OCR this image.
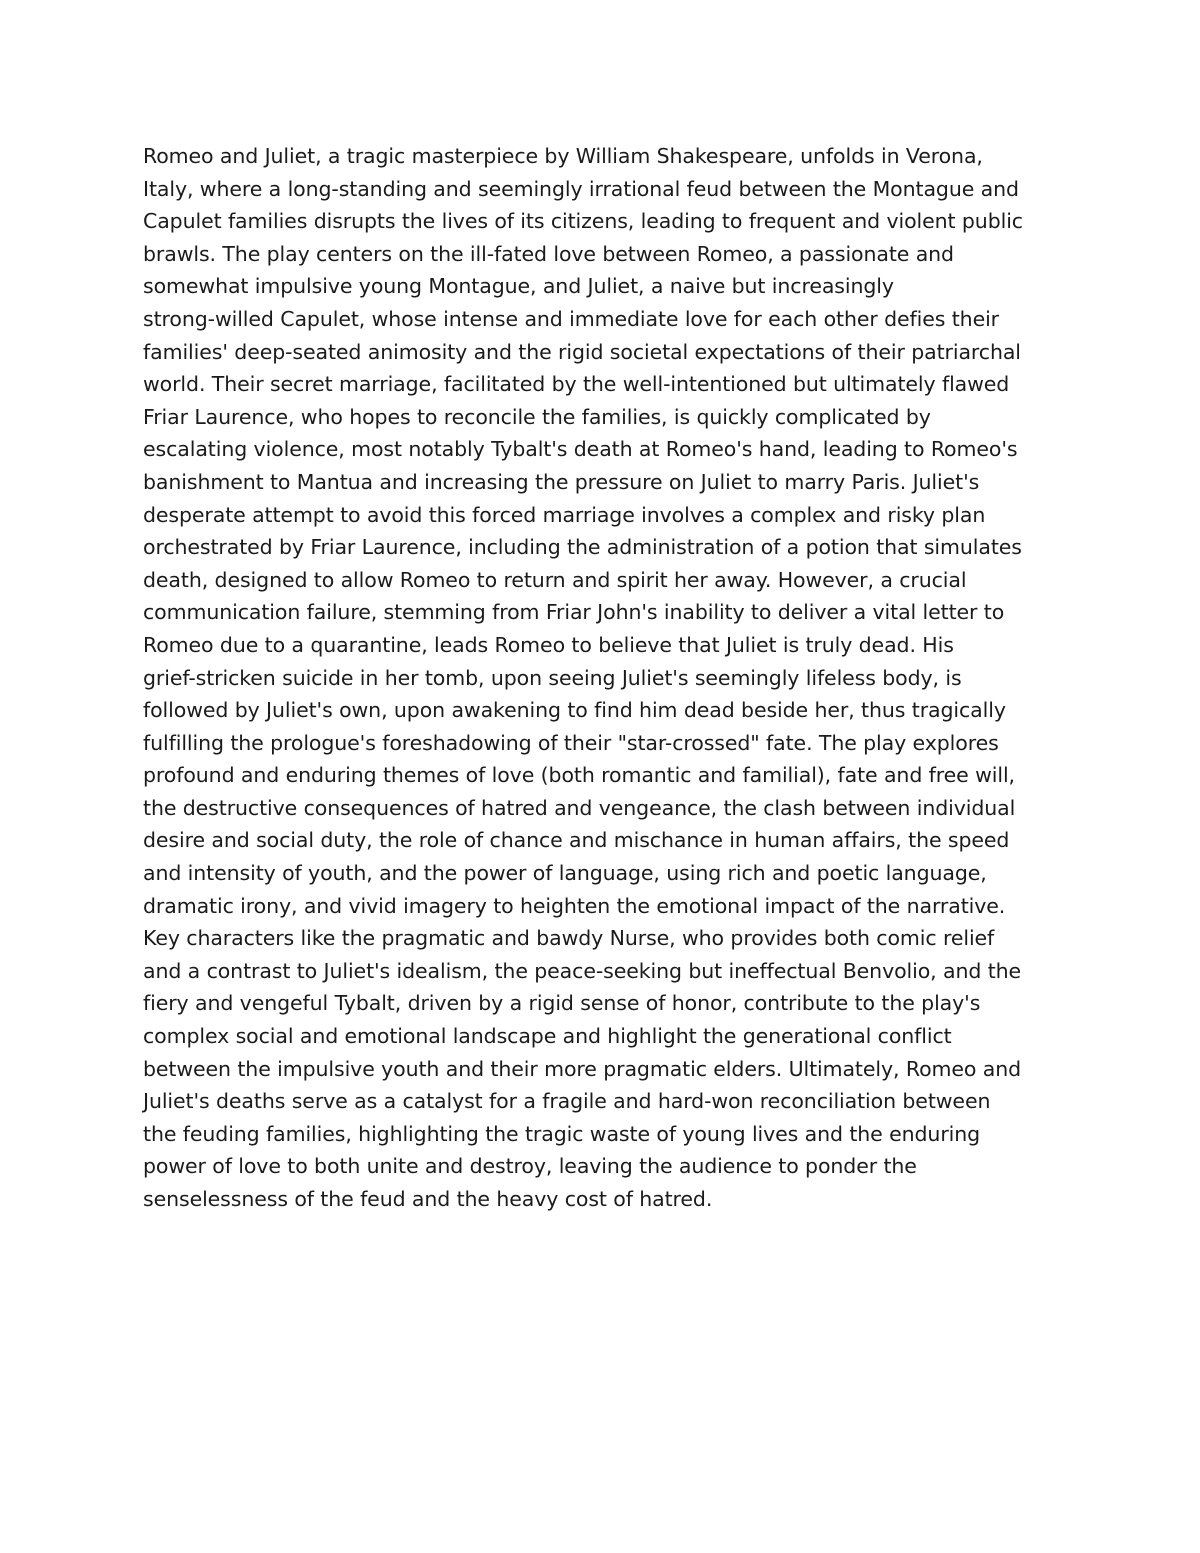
Romeo and Juliet, a tragic masterpiece by William Shakespeare, unfolds in Verona,
Italy, where a long-standing and seemingly irrational feud between the Montague and
Capulet families disrupts the lives of its citizens, leading to frequent and violent public
brawls. The play centers on the ill-fated love between Romeo, a passionate and
somewhat impulsive young Montague, and Juliet, a naive but increasingly
strong-willed Capulet, whose intense and immediate love for each other defies their
families' deep-seated animosity and the rigid societal expectations of their patriarchal
world. Their secret marriage, facilitated by the well-intentioned but ultimately flawed
Friar Laurence, who hopes to reconcile the families, is quickly complicated by
escalating violence, most notably Tybalt's death at Romeo's hand, leading to Romeo's
banishment to Mantua and increasing the pressure on Juliet to marry Paris. Juliet's
desperate attempt to avoid this forced marriage involves a complex and risky plan
orchestrated by Friar Laurence, including the administration of a potion that simulates
death, designed to allow Romeo to return and spirit her away. However, a crucial
communication failure, stemming from Friar John's inability to deliver a vital letter to
Romeo due to a quarantine, leads Romeo to believe that Juliet is truly dead. His
grief-stricken suicide in her tomb, upon seeing Juliet's seemingly lifeless body, is
followed by Juliet's own, upon awakening to find him dead beside her, thus tragically
fulfilling the prologue's foreshadowing of their "star-crossed" fate. The play explores
profound and enduring themes of love (both romantic and familial), fate and free will,
the destructive consequences of hatred and vengeance, the clash between individual
desire and social duty, the role of chance and mischance in human affairs, the speed
and intensity of youth, and the power of language, using rich and poetic language,
dramatic irony, and vivid imagery to heighten the emotional impact of the narrative.
Key characters like the pragmatic and bawdy Nurse, who provides both comic relief
and a contrast to Juliet's idealism, the peace-seeking but ineffectual Benvolio, and the
fiery and vengeful Tybalt, driven by a rigid sense of honor, contribute to the play's
complex social and emotional landscape and highlight the generational conflict
between the impulsive youth and their more pragmatic elders. Ultimately, Romeo and
Juliet's deaths serve as a catalyst for a fragile and hard-won reconciliation between
the feuding families, highlighting the tragic waste of young lives and the enduring
power of love to both unite and destroy, leaving the audience to ponder the
senselessness of the feud and the heavy cost of hatred.
